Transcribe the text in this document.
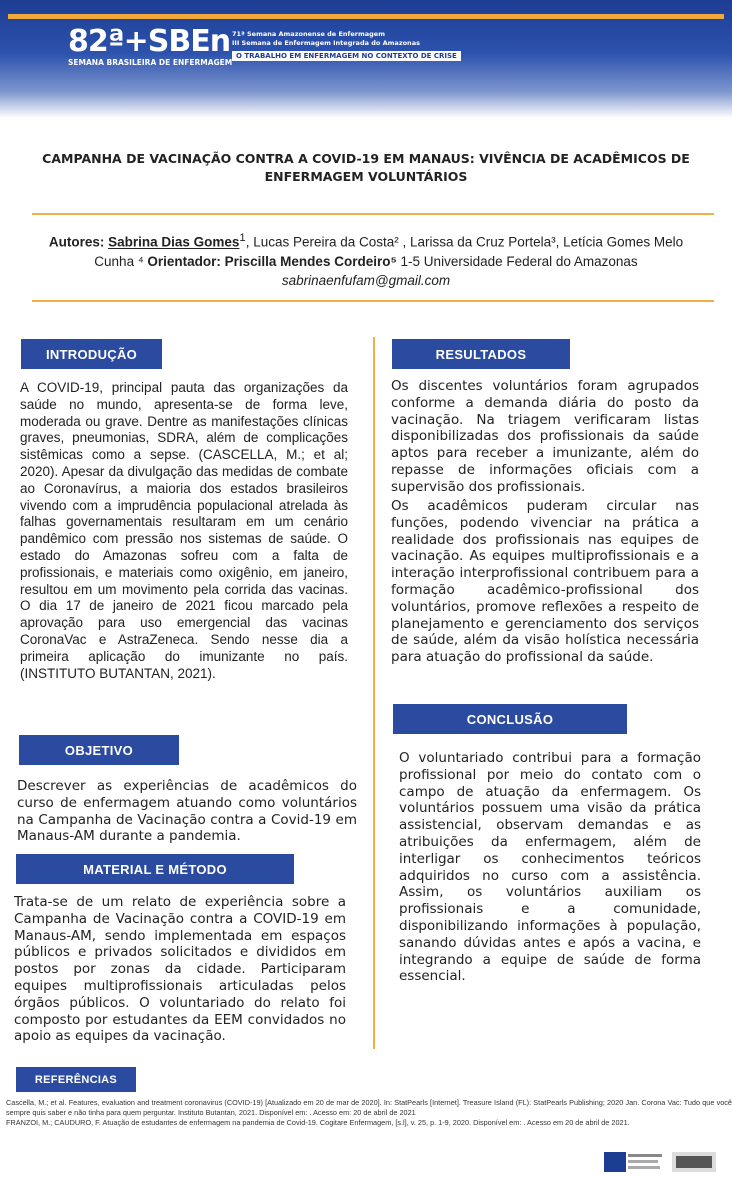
82ª+SBEn
SEMANA BRASILEIRA DE ENFERMAGEM
71ª Semana Amazonense de Enfermagem
III Semana de Enfermagem Integrada do Amazonas
O TRABALHO EM ENFERMAGEM NO CONTEXTO DE CRISE
CAMPANHA DE VACINAÇÃO CONTRA A COVID-19 EM MANAUS: VIVÊNCIA DE ACADÊMICOS DE ENFERMAGEM VOLUNTÁRIOS
Autores: Sabrina Dias Gomes$^1$, Lucas Pereira da Costa² , Larissa da Cruz Portela³, Letícia Gomes Melo Cunha ⁴ Orientador: Priscilla Mendes Cordeiro⁵ 1-5 Universidade Federal do Amazonas
sabrinaenfufam@gmail.com
INTRODUÇÃO

A COVID-19, principal pauta das organizações da saúde no mundo, apresenta-se de forma leve, moderada ou grave. Dentre as manifestações clínicas graves, pneumonias, SDRA, além de complicações sistêmicas como a sepse. (CASCELLA, M.; et al; 2020). Apesar da divulgação das medidas de combate ao Coronavírus, a maioria dos estados brasileiros vivendo com a imprudência populacional atrelada às falhas governamentais resultaram em um cenário pandêmico com pressão nos sistemas de saúde. O estado do Amazonas sofreu com a falta de profissionais, e materiais como oxigênio, em janeiro, resultou em um movimento pela corrida das vacinas. O dia 17 de janeiro de 2021 ficou marcado pela aprovação para uso emergencial das vacinas CoronaVac e AstraZeneca. Sendo nesse dia a primeira aplicação do imunizante no país. (INSTITUTO BUTANTAN, 2021).

OBJETIVO

Descrever as experiências de acadêmicos do curso de enfermagem atuando como voluntários na Campanha de Vacinação contra a Covid-19 em Manaus-AM durante a pandemia.

MATERIAL E MÉTODO

Trata-se de um relato de experiência sobre a Campanha de Vacinação contra a COVID-19 em Manaus-AM, sendo implementada em espaços públicos e privados solicitados e divididos em postos por zonas da cidade. Participaram equipes multiprofissionais articuladas pelos órgãos públicos. O voluntariado do relato foi composto por estudantes da EEM convidados no apoio as equipes da vacinação.

REFERÊNCIAS
RESULTADOS

Os discentes voluntários foram agrupados conforme a demanda diária do posto da vacinação. Na triagem verificaram listas disponibilizadas dos profissionais da saúde aptos para receber a imunizante, além do repasse de informações oficiais com a supervisão dos profissionais.

Os acadêmicos puderam circular nas funções, podendo vivenciar na prática a realidade dos profissionais nas equipes de vacinação. As equipes multiprofissionais e a interação interprofissional contribuem para a formação acadêmico-profissional dos voluntários, promove reflexões a respeito de planejamento e gerenciamento dos serviços de saúde, além da visão holística necessária para atuação do profissional da saúde.

CONCLUSÃO

O voluntariado contribui para a formação profissional por meio do contato com o campo de atuação da enfermagem. Os voluntários possuem uma visão da prática assistencial, observam demandas e as atribuições da enfermagem, além de interligar os conhecimentos teóricos adquiridos no curso com a assistência. Assim, os voluntários auxiliam os profissionais e a comunidade, disponibilizando informações à população, sanando dúvidas antes e após a vacina, e integrando a equipe de saúde de forma essencial.

Cascella, M.; et al. Features, evaluation and treatment coronavirus (COVID-19) [Atualizado em 20 de mar de 2020]. In: StatPearls [Internet]. Treasure Island (FL): StatPearls Publishing; 2020 Jan. Corona Vac: Tudo que você sempre quis saber e não tinha para quem perguntar. Instituto Butantan, 2021. Disponível em: . Acesso em: 20 de abril de 2021
FRANZOI, M.; CAUDURO, F. Atuação de estudantes de enfermagem na pandemia de Covid-19. Cogitare Enfermagem, [s.l], v. 25, p. 1-9, 2020. Disponível em: . Acesso em 20 de abril de 2021.
